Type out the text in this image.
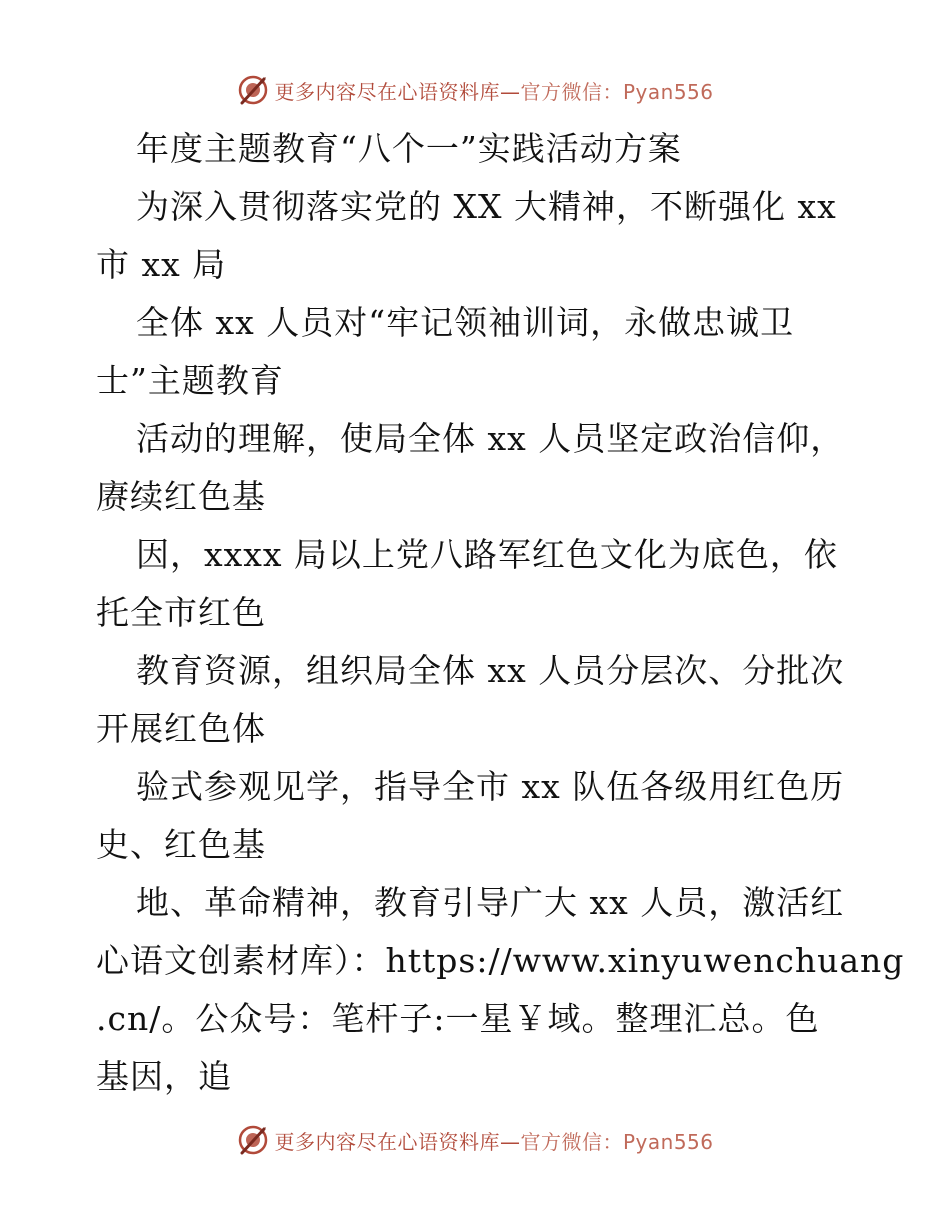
更多内容尽在心语资料库—官方微信：Pyan556
年度主题教育“八个一”实践活动方案
为深入贯彻落实党的 XX 大精神，不断强化 xx
市 xx 局
全体 xx 人员对“牢记领袖训词，永做忠诚卫
士”主题教育
活动的理解，使局全体 xx 人员坚定政治信仰，
赓续红色基
因，xxxx 局以上党八路军红色文化为底色，依
托全市红色
教育资源，组织局全体 xx 人员分层次、分批次
开展红色体
验式参观见学，指导全市 xx 队伍各级用红色历
史、红色基
地、革命精神，教育引导广大 xx 人员，激活红
心语文创素材库）：https://www.xinyuwenchuang
.cn/。公众号：笔杆子:一星￥域。整理汇总。色
基因，追
更多内容尽在心语资料库—官方微信：Pyan556
